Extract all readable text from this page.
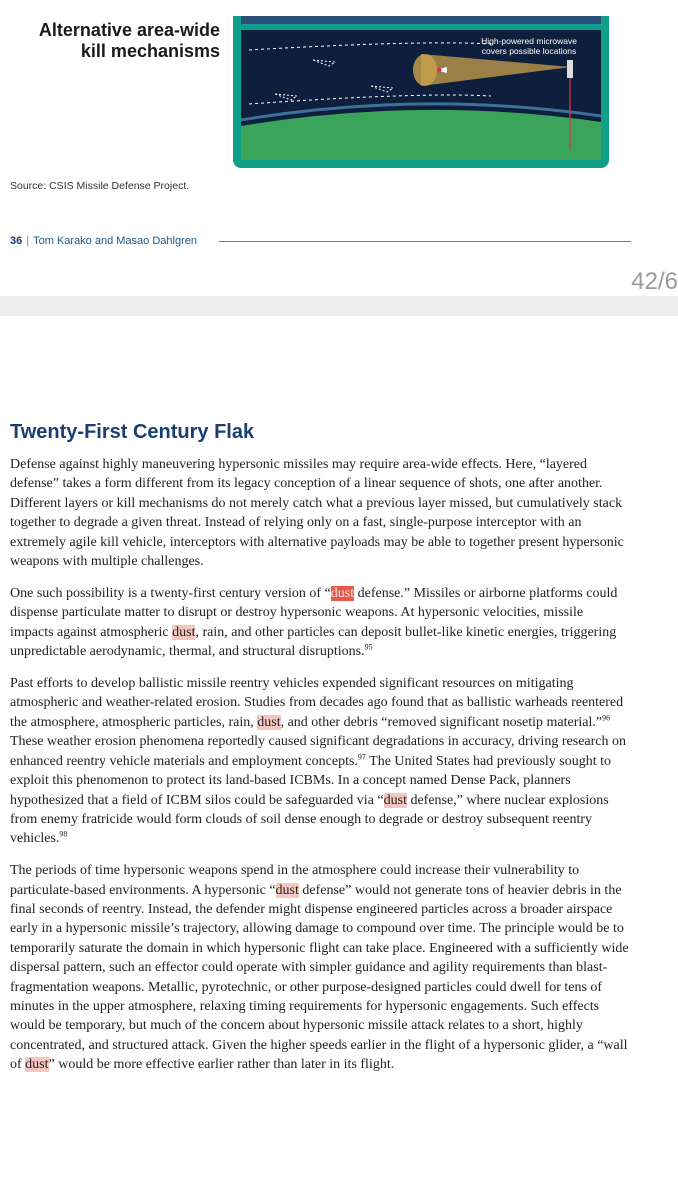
Alternative area-wide
kill mechanisms	High-powered microwave
covers possible locations
Source: CSIS Missile Defense Project.
36 | Tom Karako and Masao Dahlgren
42/6
Twenty-First Century Flak

Defense against highly maneuvering hypersonic missiles may require area-wide effects. Here, “layered defense” takes a form different from its legacy conception of a linear sequence of shots, one after another. Different layers or kill mechanisms do not merely catch what a previous layer missed, but cumulatively stack together to degrade a given threat. Instead of relying only on a fast, single-purpose interceptor with an extremely agile kill vehicle, interceptors with alternative payloads may be able to together present hypersonic weapons with multiple challenges.

One such possibility is a twenty-first century version of “dust defense.” Missiles or airborne platforms could dispense particulate matter to disrupt or destroy hypersonic weapons. At hypersonic velocities, missile impacts against atmospheric dust, rain, and other particles can deposit bullet-like kinetic energies, triggering unpredictable aerodynamic, thermal, and structural disruptions.$^{95}$

Past efforts to develop ballistic missile reentry vehicles expended significant resources on mitigating atmospheric and weather-related erosion. Studies from decades ago found that as ballistic warheads reentered the atmosphere, atmospheric particles, rain, dust, and other debris “removed significant nosetip material.”$^{96}$ These weather erosion phenomena reportedly caused significant degradations in accuracy, driving research on enhanced reentry vehicle materials and employment concepts.$^{97}$ The United States had previously sought to exploit this phenomenon to protect its land-based ICBMs. In a concept named Dense Pack, planners hypothesized that a field of ICBM silos could be safeguarded via “dust defense,” where nuclear explosions from enemy fratricide would form clouds of soil dense enough to degrade or destroy subsequent reentry vehicles.$^{98}$

The periods of time hypersonic weapons spend in the atmosphere could increase their vulnerability to particulate-based environments. A hypersonic “dust defense” would not generate tons of heavier debris in the final seconds of reentry. Instead, the defender might dispense engineered particles across a broader airspace early in a hypersonic missile’s trajectory, allowing damage to compound over time. The principle would be to temporarily saturate the domain in which hypersonic flight can take place. Engineered with a sufficiently wide dispersal pattern, such an effector could operate with simpler guidance and agility requirements than blast-fragmentation weapons. Metallic, pyrotechnic, or other purpose-designed particles could dwell for tens of minutes in the upper atmosphere, relaxing timing requirements for hypersonic engagements. Such effects would be temporary, but much of the concern about hypersonic missile attack relates to a short, highly concentrated, and structured attack. Given the higher speeds earlier in the flight of a hypersonic glider, a “wall of dust” would be more effective earlier rather than later in its flight.
